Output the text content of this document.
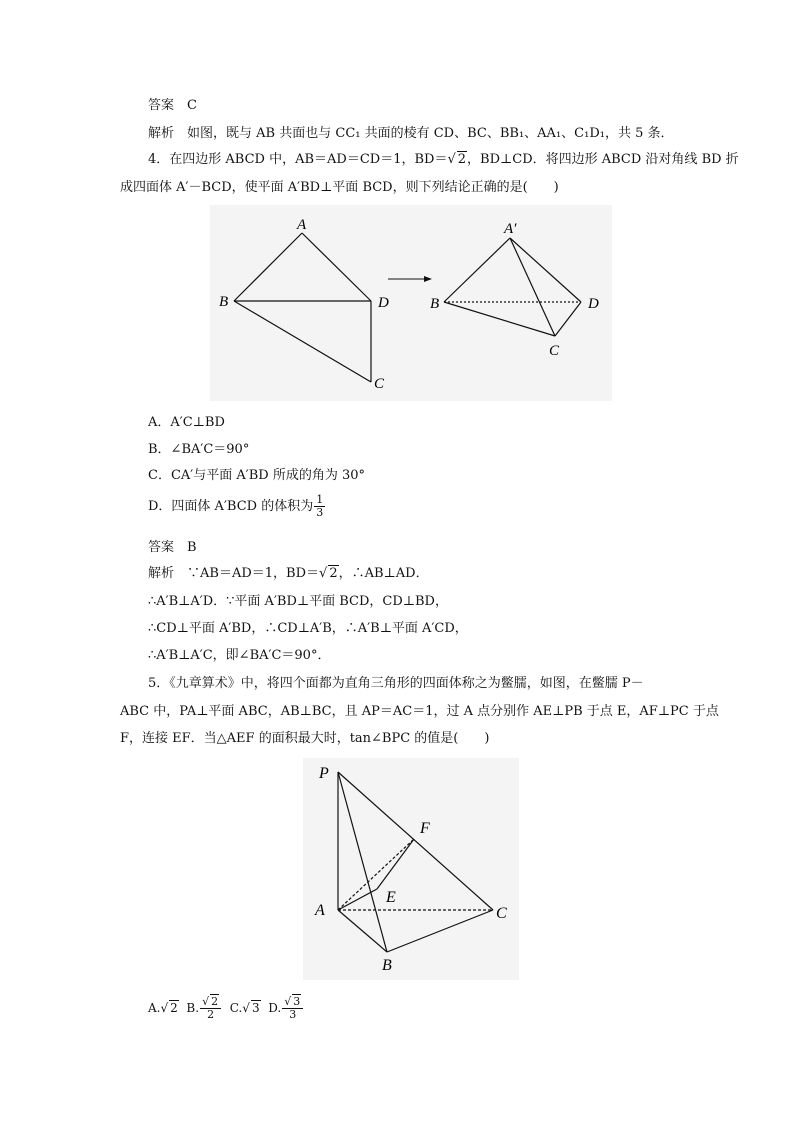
答案　C
解析　 如图，既与 AB 共面也与 CC₁ 共面的棱有 CD、BC、BB₁、AA₁、C₁D₁，共 5 条．
4．在四边形 ABCD 中，AB＝AD＝CD＝1，BD＝√ 2，BD⊥CD．将四边形 ABCD 沿对角线 BD 折
成四面体 A′－BCD，使平面 A′BD⊥平面 BCD，则下列结论正确的是(　　)
A
B	D
C
A′
B	D
C
A．A′C⊥BD
B．∠BA′C＝90°
C．CA′与平面 A′BD 所成的角为 30°
D．四面体 A′BCD 的体积为 $\frac{1}{3}$
答案　B
解析　 ∵AB＝AD＝1，BD＝√ 2，∴AB⊥AD．
∴A′B⊥A′D．∵平面 A′BD⊥平面 BCD，CD⊥BD，
∴CD⊥平面 A′BD，∴CD⊥A′B，∴A′B⊥平面 A′CD，
∴A′B⊥A′C，即∠BA′C＝90°．
5．《九章算术》中，将四个面都为直角三角形的四面体称之为鳖臑，如图，在鳖臑 P－
ABC 中，PA⊥平面 ABC，AB⊥BC，且 AP＝AC＝1，过 A 点分别作 AE⊥PB 于点 E，AF⊥PC 于点
F，连接 EF．当△AEF 的面积最大时，tan∠BPC 的值是(　　)
P
F
E
A	C
B
A.√ 2 B. $\frac{√ 2}{2} C.√$ 3 D. $\frac{√ 3}{3}$
